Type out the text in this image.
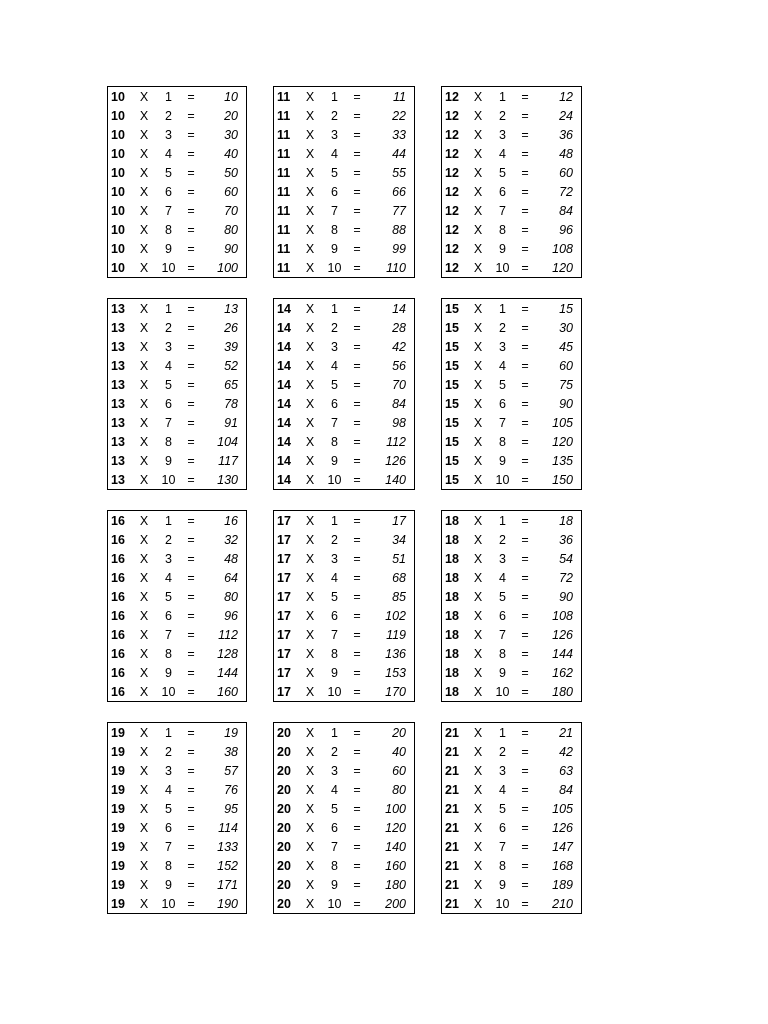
10	X	1	=	10
10	X	2	=	20
10	X	3	=	30
10	X	4	=	40
10	X	5	=	50
10	X	6	=	60
10	X	7	=	70
10	X	8	=	80
10	X	9	=	90
10	X	10 =	100
11	X	1	=	11
11	X	2	=	22
11	X	3	=	33
11	X	4	=	44
11	X	5	=	55
11	X	6	=	66
11	X	7	=	77
11	X	8	=	88
11	X	9	=	99
11	X	10 =	110
12	X	1	=	12
12	X	2	=	24
12	X	3	=	36
12	X	4	=	48
12	X	5	=	60
12	X	6	=	72
12	X	7	=	84
12	X	8	=	96
12	X	9	=	108
12	X	10 =	120
13	X	1	=	13
13	X	2	=	26
13	X	3	=	39
13	X	4	=	52
13	X	5	=	65
13	X	6	=	78
13	X	7	=	91
13	X	8	=	104
13	X	9	=	117
13	X	10 =	130
14	X	1	=	14
14	X	2	=	28
14	X	3	=	42
14	X	4	=	56
14	X	5	=	70
14	X	6	=	84
14	X	7	=	98
14	X	8	=	112
14	X	9	=	126
14	X	10 =	140
15	X	1	=	15
15	X	2	=	30
15	X	3	=	45
15	X	4	=	60
15	X	5	=	75
15	X	6	=	90
15	X	7	=	105
15	X	8	=	120
15	X	9	=	135
15	X	10 =	150
16	X	1	=	16
16	X	2	=	32
16	X	3	=	48
16	X	4	=	64
16	X	5	=	80
16	X	6	=	96
16	X	7	=	112
16	X	8	=	128
16	X	9	=	144
16	X	10 =	160
17	X	1	=	17
17	X	2	=	34
17	X	3	=	51
17	X	4	=	68
17	X	5	=	85
17	X	6	=	102
17	X	7	=	119
17	X	8	=	136
17	X	9	=	153
17	X	10 =	170
18	X	1	=	18
18	X	2	=	36
18	X	3	=	54
18	X	4	=	72
18	X	5	=	90
18	X	6	=	108
18	X	7	=	126
18	X	8	=	144
18	X	9	=	162
18	X	10 =	180
19	X	1	=	19
19	X	2	=	38
19	X	3	=	57
19	X	4	=	76
19	X	5	=	95
19	X	6	=	114
19	X	7	=	133
19	X	8	=	152
19	X	9	=	171
19	X	10 =	190
20	X	1	=	20
20	X	2	=	40
20	X	3	=	60
20	X	4	=	80
20	X	5	=	100
20	X	6	=	120
20	X	7	=	140
20	X	8	=	160
20	X	9	=	180
20	X	10 =	200
21	X	1	=	21
21	X	2	=	42
21	X	3	=	63
21	X	4	=	84
21	X	5	=	105
21	X	6	=	126
21	X	7	=	147
21	X	8	=	168
21	X	9	=	189
21	X	10 =	210
